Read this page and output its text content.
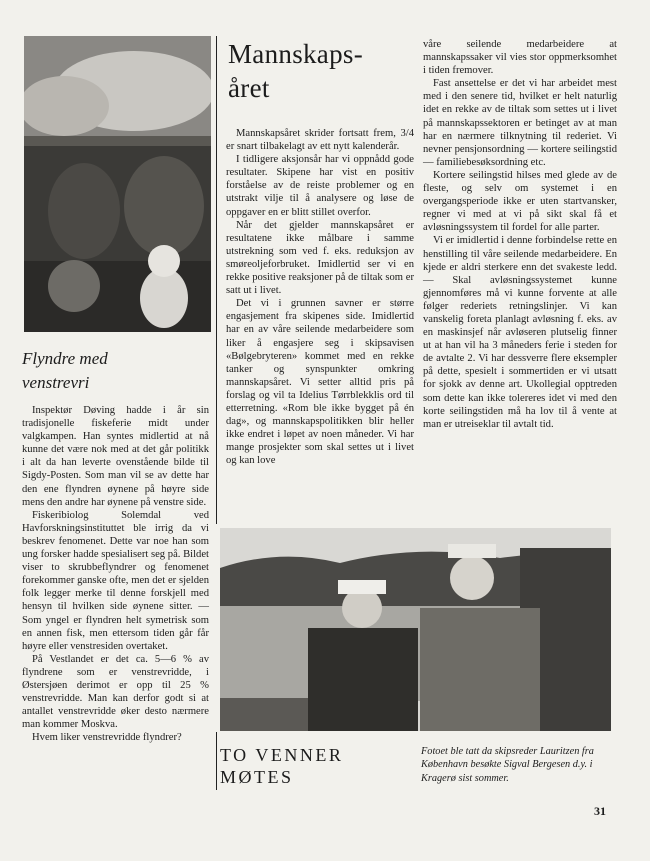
Flyndre med
venstrevri

Inspektør Døving hadde i år sin tradisjonelle fiskeferie midt under valgkampen. Han syntes midlertid at nå kunne det være nok med at det går politikk i alt da han leverte ovenstående bilde til Sigdy-Posten. Som man vil se av dette har den ene flyndren øynene på høyre side mens den andre har øynene på venstre side.

Fiskeribiolog Solemdal ved Havforskningsinstituttet ble irrig da vi beskrev fenomenet. Dette var noe han som ung forsker hadde spesialisert seg på. Bildet viser to skrubbeflyndrer og fenomenet forekommer ganske ofte, men det er sjelden folk legger merke til denne forskjell med hensyn til hvilken side øynene sitter. — Som yngel er flyndren helt symetrisk som en annen fisk, men ettersom tiden går får høyre eller venstresiden overtaket.

På Vestlandet er det ca. 5—6 % av flyndrene som er venstrevridde, i Østersjøen derimot er opp til 25 % venstrevridde. Man kan derfor godt si at antallet venstrevridde øker desto nærmere man kommer Moskva.

Hvem liker venstrevridde flyndrer?

Mannskaps-
året

Mannskapsåret skrider fortsatt frem, 3/4 er snart tilbakelagt av ett nytt kalenderår.

I tidligere aksjonsår har vi oppnådd gode resultater. Skipene har vist en positiv forståelse av de reiste problemer og en utstrakt vilje til å analysere og løse de oppgaver en er blitt stillet overfor.

Når det gjelder mannskapsåret er resultatene ikke målbare i samme utstrekning som ved f. eks. reduksjon av smøreoljeforbruket. Imidlertid ser vi en rekke positive reaksjoner på de tiltak som er satt ut i livet.

Det vi i grunnen savner er større engasjement fra skipenes side. Imidlertid har en av våre seilende medarbeidere som liker å engasjere seg i skipsavisen «Bølgebryteren» kommet med en rekke tanker og synspunkter omkring mannskapsåret. Vi setter alltid pris på forslag og vil ta Idelius Tørrblekklis ord til etterretning. «Rom ble ikke bygget på én dag», og mannskapspolitikken blir heller ikke endret i løpet av noen måneder. Vi har mange prosjekter som skal settes ut i livet og kan love

våre seilende medarbeidere at mannskapssaker vil vies stor oppmerksomhet i tiden fremover.

Fast ansettelse er det vi har arbeidet mest med i den senere tid, hvilket er helt naturlig idet en rekke av de tiltak som settes ut i livet på mannskapssektoren er betinget av at man har en nærmere tilknytning til rederiet. Vi nevner pensjonsordning — kortere seilingstid — familiebesøksordning etc.

Kortere seilingstid hilses med glede av de fleste, og selv om systemet i en overgangsperiode ikke er uten startvansker, regner vi med at vi på sikt skal få et avløsningssystem til fordel for alle parter.

Vi er imidlertid i denne forbindelse rette en henstilling til våre seilende medarbeidere. En kjede er aldri sterkere enn det svakeste ledd. — Skal avløsningssystemet kunne gjennomføres må vi kunne forvente at alle følger rederiets retningslinjer. Vi kan vanskelig foreta planlagt avløsning f. eks. av en maskinsjef når avløseren plutselig finner ut at han vil ha 3 måneders ferie i steden for de avtalte 2. Vi har dessverre flere eksempler på dette, spesielt i sommertiden er vi utsatt for sjokk av denne art. Ukollegial opptreden som dette kan ikke tolereres idet vi med den korte seilingstiden må ha lov til å vente at man er utreiseklar til avtalt tid.

TO VENNER
MØTES
Fotoet ble tatt da skipsreder Lauritzen fra København besøkte Sigval Bergesen d.y. i Kragerø sist sommer.
31
